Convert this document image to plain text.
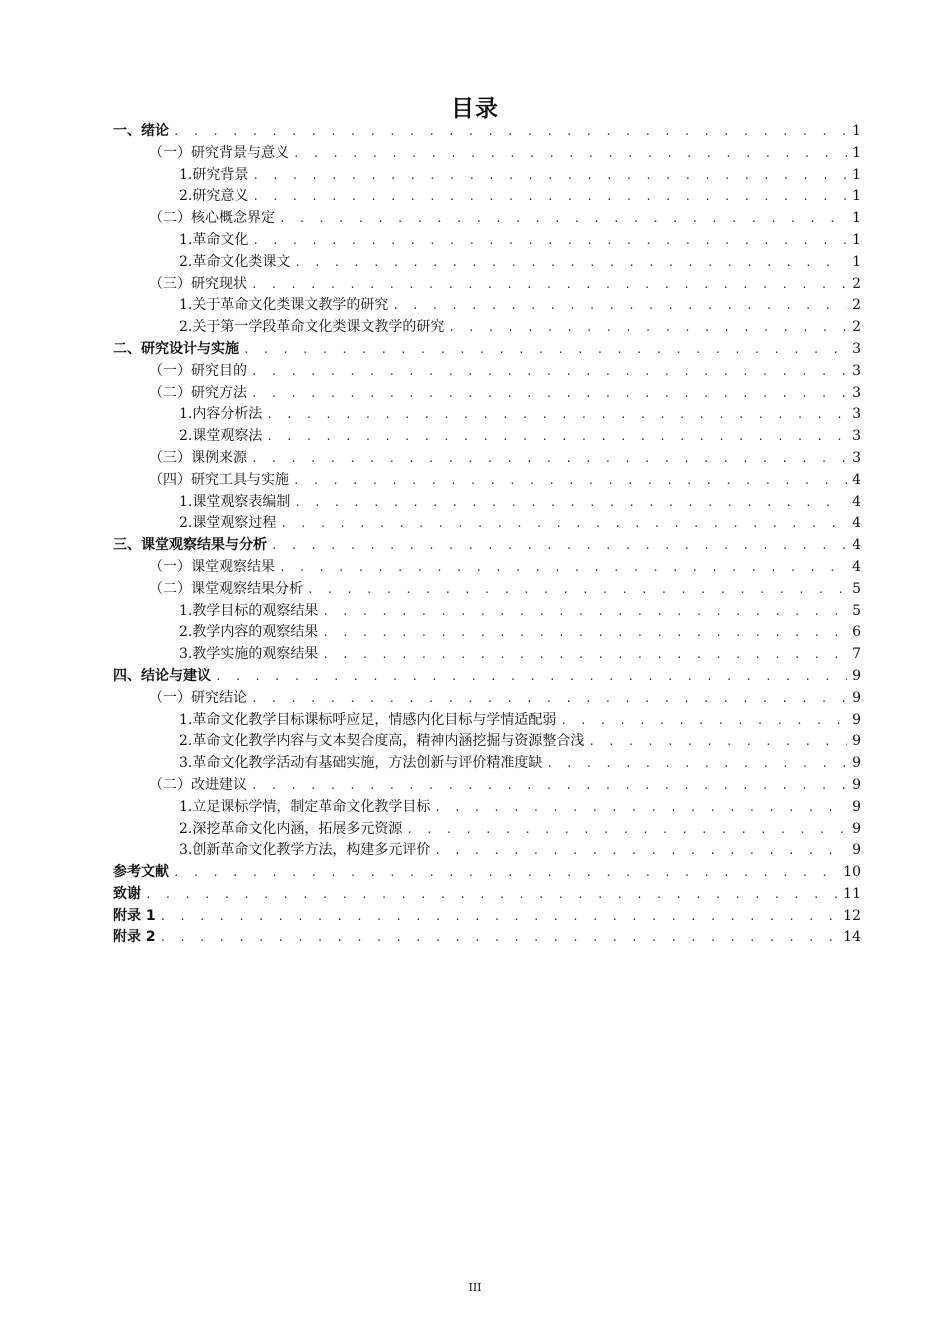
目录
一、绪论 . . .	1
（一）研究背景与意义 . . .	1
1.研究背景 . . .	1
2.研究意义 . . .	1
（二）核心概念界定 . . .	1
1.革命文化 . . .	1
2.革命文化类课文 . . .	1
（三）研究现状 . . .	2
1.关于革命文化类课文教学的研究 . . .	2
2.关于第一学段革命文化类课文教学的研究 . . .	2
二、研究设计与实施 . . .	3
（一）研究目的 . . .	3
（二）研究方法 . . .	3
1.内容分析法 . . .	3
2.课堂观察法 . . .	3
（三）课例来源 . . .	3
（四）研究工具与实施 . . .	4
1.课堂观察表编制 . . .	4
2.课堂观察过程 . . .	4
三、课堂观察结果与分析 . . .	4
（一）课堂观察结果 . . .	4
（二）课堂观察结果分析 . . .	5
1.教学目标的观察结果 . . .	5
2.教学内容的观察结果 . . .	6
3.教学实施的观察结果 . . .	7
四、结论与建议 . . .	9
（一）研究结论 . . .	9
1.革命文化教学目标课标呼应足，情感内化目标与学情适配弱 . . .	9
2.革命文化教学内容与文本契合度高，精神内涵挖掘与资源整合浅 . . .	9
3.革命文化教学活动有基础实施，方法创新与评价精准度缺 . . .	9
（二）改进建议 . . .	9
1.立足课标学情，制定革命文化教学目标 . . .	9
2.深挖革命文化内涵，拓展多元资源 . . .	9
3.创新革命文化教学方法，构建多元评价 . . .	9
参考文献 . . .	10
致谢 . . .	11
附录 1 . . .	12
附录 2 . . .	14
III
